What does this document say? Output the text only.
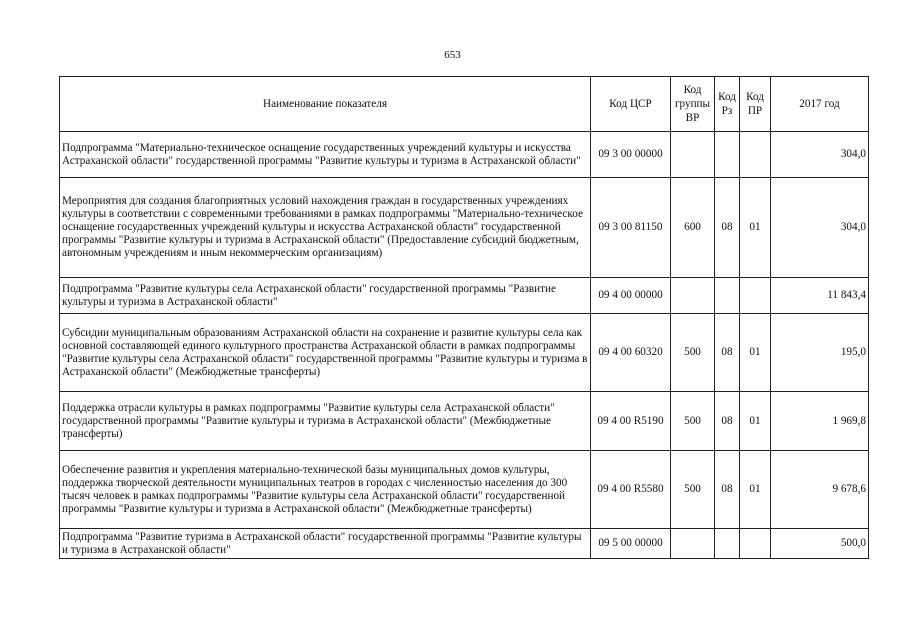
653
Наименование показателя	Код ЦСР	Код группы ВР	Код Рз	Код ПР	2017 год
Подпрограмма "Материально-техническое оснащение государственных учреждений культуры и искусства Астраханской области" государственной программы "Развитие культуры и туризма в Астраханской области"	09 3 00 00000				304,0
Мероприятия для создания благоприятных условий нахождения граждан в государственных учреждениях культуры в соответствии с современными требованиями в рамках подпрограммы "Материально-техническое оснащение государственных учреждений культуры и искусства Астраханской области" государственной программы "Развитие культуры и туризма в Астраханской области" (Предоставление субсидий бюджетным, автономным учреждениям и иным некоммерческим организациям)	09 3 00 81150	600	08	01	304,0
Подпрограмма "Развитие культуры села Астраханской области" государственной программы "Развитие культуры и туризма в Астраханской области"	09 4 00 00000				11 843,4
Субсидии муниципальным образованиям Астраханской области на сохранение и развитие культуры села как основной составляющей единого культурного пространства Астраханской области в рамках подпрограммы "Развитие культуры села Астраханской области" государственной программы "Развитие культуры и туризма в Астраханской области" (Межбюджетные трансферты)	09 4 00 60320	500	08	01	195,0
Поддержка отрасли культуры в рамках подпрограммы "Развитие культуры села Астраханской области" государственной программы "Развитие культуры и туризма в Астраханской области" (Межбюджетные трансферты)	09 4 00 R5190	500	08	01	1 969,8
Обеспечение развития и укрепления материально-технической базы муниципальных домов культуры, поддержка творческой деятельности муниципальных театров в городах с численностью населения до 300 тысяч человек в рамках подпрограммы "Развитие культуры села Астраханской области" государственной программы "Развитие культуры и туризма в Астраханской области" (Межбюджетные трансферты)	09 4 00 R5580	500	08	01	9 678,6
Подпрограмма "Развитие туризма в Астраханской области" государственной программы "Развитие культуры и туризма в Астраханской области"	09 5 00 00000				500,0
